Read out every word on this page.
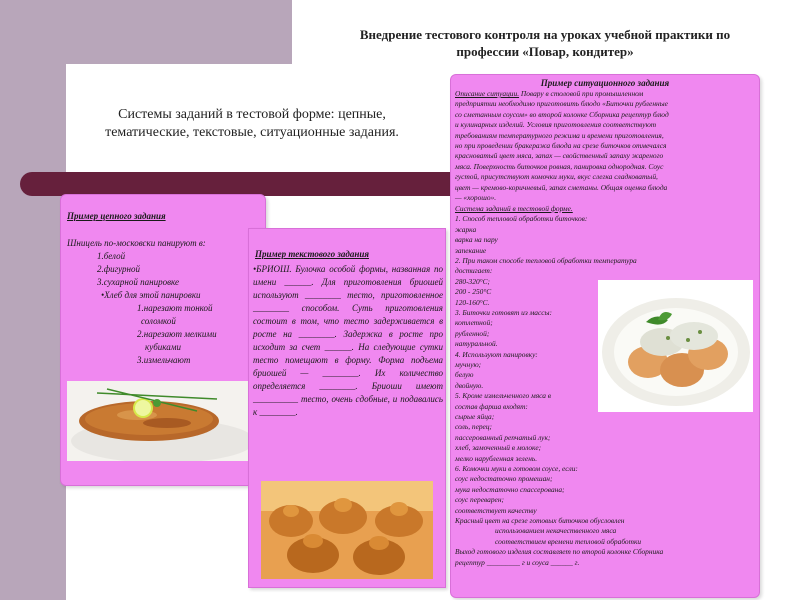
Внедрение тестового контроля на уроках учебной практики по
профессии «Повар, кондитер»
Системы заданий в тестовой форме: цепные,
тематические, текстовые, ситуационные задания.
Пример цепного задания
Шницель по-московски панируют в:
1.белой
2.фигурной
3.сухарной панировке
•Хлеб для этой панировки
1.нарезают тонкой
соломкой
2.нарезают мелкими
кубиками
3.измельчают
Пример текстового задания
•БРИОШ. Булочка особой формы, названная по имени ______. Для приготовления бриошей используют ________ тесто, приготовленное ________ способом. Суть приготовления состоит в том, что тесто задерживается в росте на ________. Задержка в росте про исходит за счет ______. На следующие сутки тесто помещают в форму. Форма подъема бриошей — ________. Их количество определяется ________. Бриоши имеют __________ тесто, очень сдобные, и подавались к ________.
Пример ситуационного задания
Описание ситуации. Повару в столовой при промышленном
предприятии необходимо приготовить блюдо «Биточки рубленные
со сметанным соусом» во второй колонке Сборника рецептур блюд
и кулинарных изделий. Условия приготовления соответствуют
требованиям температурного режима и времени приготовления,
но при проведении бракеража блюда на срезе биточков отмечался
красноватый цвет мяса, запах — свойственный запаху жареного
мяса. Поверхность биточков ровная, панировка однородная. Соус
густой, присутствуют комочки муки, вкус слегка сладковатый,
цвет — кремово-коричневый, запах сметаны. Общая оценка блюда
— «хорошо».
Система заданий в тестовой форме.
1. Способ тепловой обработки биточков:
жарка
варка на пару
запекание
2. При таком способе тепловой обработки температура
достигает:
280-320°С;
200 - 250°С
120-160°С.
3. Биточки готовят из массы:
котлетной;
рубленной;
натуральной.
4. Используют панировку:
мучную;
белую
двойную.
5. Кроме измельченного мяса в
состав фарша входят:
сырые яйца;
соль, перец;
пассерованный репчатый лук;
хлеб, замоченный в молоке;
мелко нарубленная зелень.
6. Комочки муки в готовом соусе, если:
соус недостаточно промешан;
мука недостаточно спассерована;
соус переварен;
соответствует качеству
Красный цвет на срезе готовых биточков обусловлен
использованием некачественного мяса
соответствием времени тепловой обработки
Выход готового изделия составляет по второй колонке Сборника
рецептур _________ г и соуса ______ г.
